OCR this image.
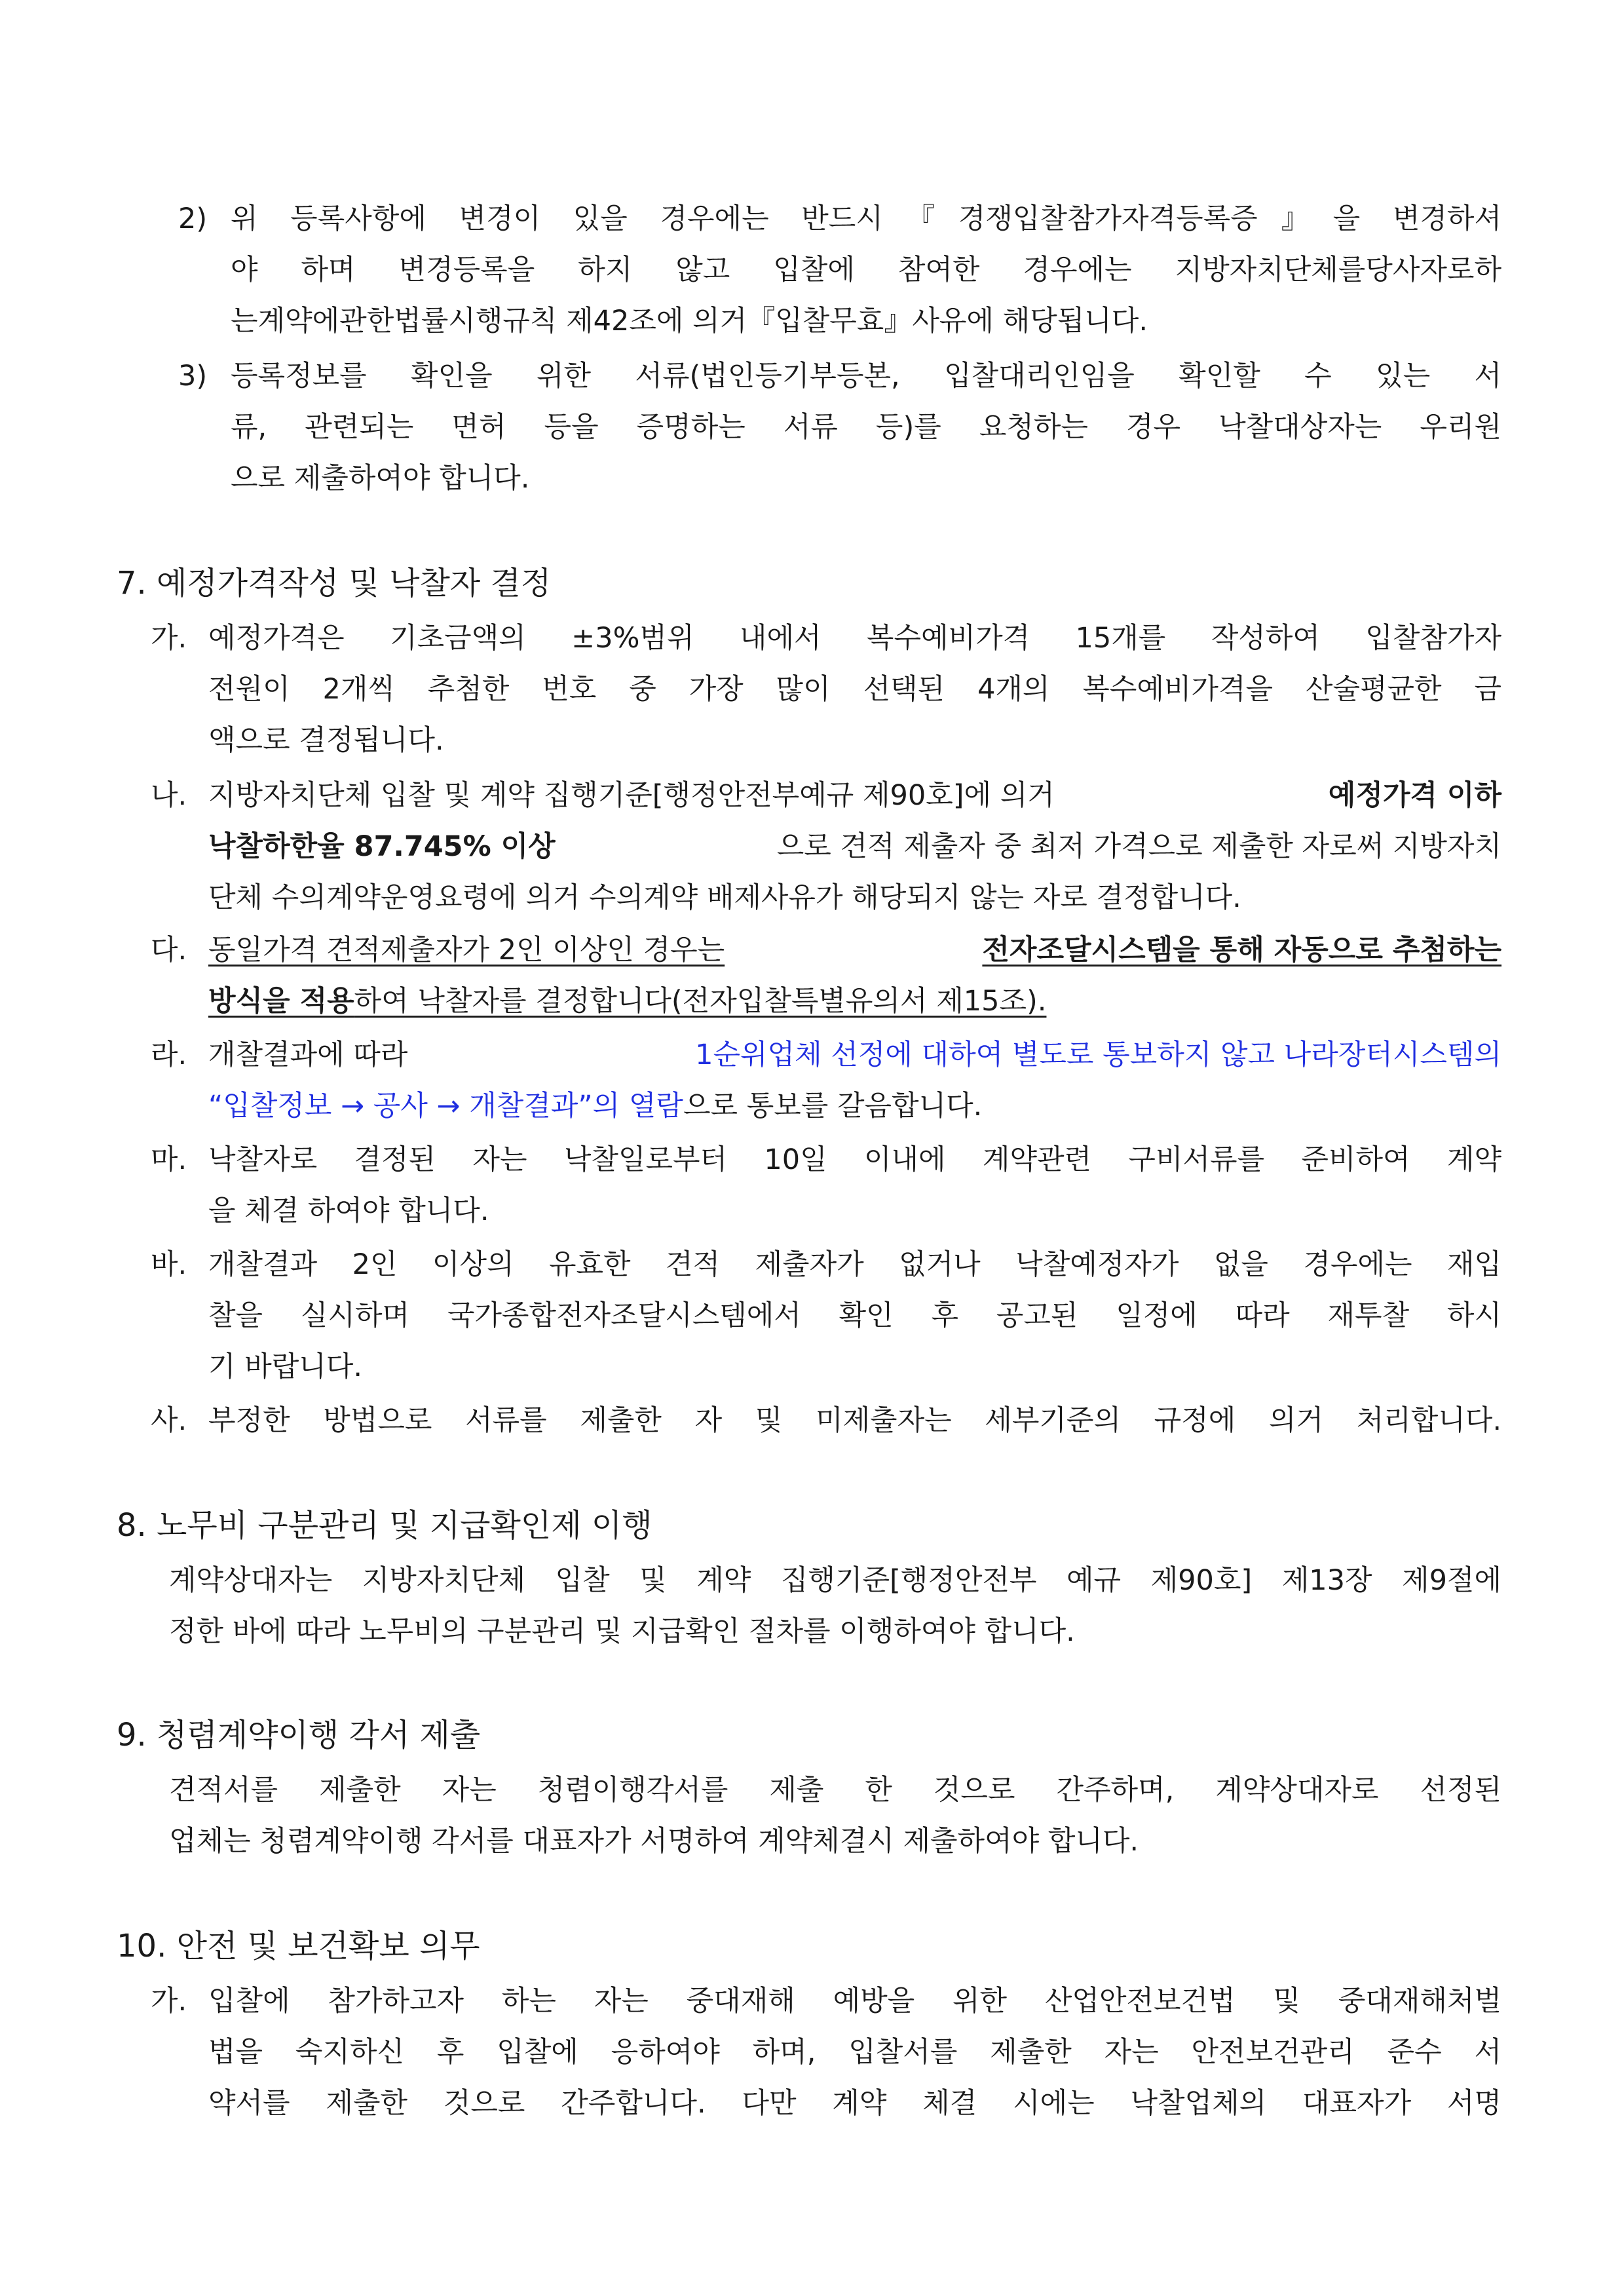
2) 위 등록사항에 변경이 있을 경우에는 반드시『경쟁입찰참가자격등록증』을 변경하셔
야 하며 변경등록을 하지 않고 입찰에 참여한 경우에는 지방자치단체를당사자로하
는계약에관한법률시행규칙 제42조에 의거『입찰무효』사유에 해당됩니다.
3) 등록정보를 확인을 위한 서류(법인등기부등본, 입찰대리인임을 확인할 수 있는 서
류, 관련되는 면허 등을 증명하는 서류 등)를 요청하는 경우 낙찰대상자는 우리원
으로 제출하여야 합니다.
7. 예정가격작성 및 낙찰자 결정
가. 예정가격은 기초금액의 ±3%범위 내에서 복수예비가격 15개를 작성하여 입찰참가자
전원이 2개씩 추첨한 번호 중 가장 많이 선택된 4개의 복수예비가격을 산술평균한 금
액으로 결정됩니다.
나. 지방자치단체 입찰 및 계약 집행기준[행정안전부예규 제90호]에 의거	예정가격 이하
낙찰하한율 87.745% 이상	으로 견적 제출자 중 최저 가격으로 제출한 자로써 지방자치
단체 수의계약운영요령에 의거 수의계약 배제사유가 해당되지 않는 자로 결정합니다.
다. 동일가격 견적제출자가 2인 이상인 경우는	전자조달시스템을 통해 자동으로 추첨하는
방식을 적용하여 낙찰자를 결정합니다(전자입찰특별유의서 제15조).
라. 개찰결과에 따라	1순위업체 선정에 대하여 별도로 통보하지 않고 나라장터시스템의
“입찰정보 → 공사 → 개찰결과”의 열람으로 통보를 갈음합니다.
마. 낙찰자로 결정된 자는 낙찰일로부터 10일 이내에 계약관련 구비서류를 준비하여 계약
을 체결 하여야 합니다.
바. 개찰결과 2인 이상의 유효한 견적 제출자가 없거나 낙찰예정자가 없을 경우에는 재입
찰을 실시하며 국가종합전자조달시스템에서 확인 후 공고된 일정에 따라 재투찰 하시
기 바랍니다.
사. 부정한 방법으로 서류를 제출한 자 및 미제출자는 세부기준의 규정에 의거 처리합니다.
8. 노무비 구분관리 및 지급확인제 이행
계약상대자는 지방자치단체 입찰 및 계약 집행기준[행정안전부 예규 제90호] 제13장 제9절에
정한 바에 따라 노무비의 구분관리 및 지급확인 절차를 이행하여야 합니다.
9. 청렴계약이행 각서 제출
견적서를 제출한 자는 청렴이행각서를 제출 한 것으로 간주하며, 계약상대자로 선정된
업체는 청렴계약이행 각서를 대표자가 서명하여 계약체결시 제출하여야 합니다.
10. 안전 및 보건확보 의무
가. 입찰에 참가하고자 하는 자는 중대재해 예방을 위한 산업안전보건법 및 중대재해처벌
법을 숙지하신 후 입찰에 응하여야 하며, 입찰서를 제출한 자는 안전보건관리 준수 서
약서를 제출한 것으로 간주합니다. 다만 계약 체결 시에는 낙찰업체의 대표자가 서명
